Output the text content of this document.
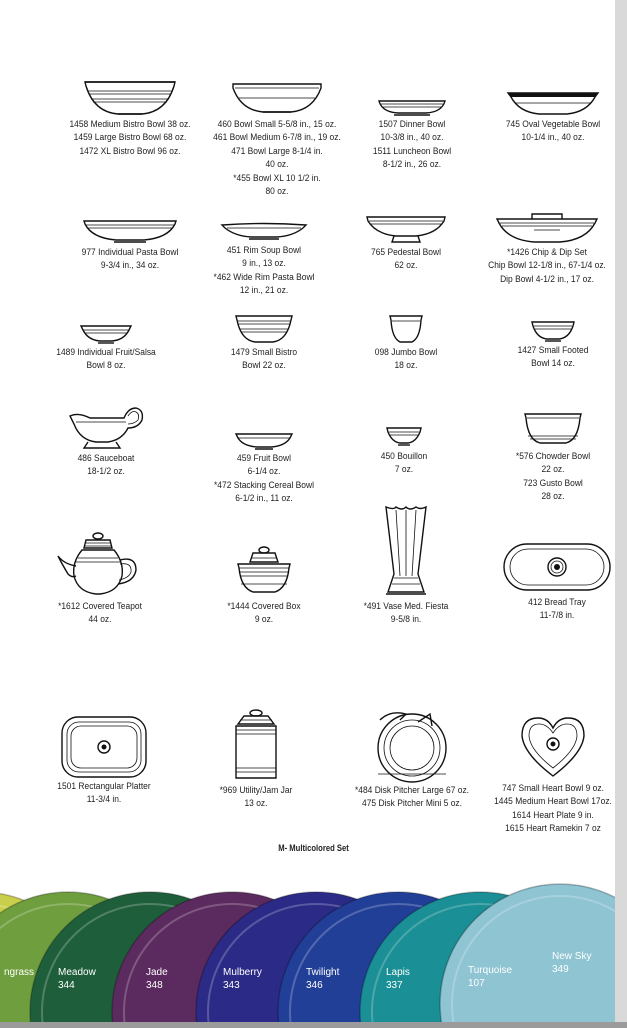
1458 Medium Bistro Bowl 38 oz.
1459 Large Bistro Bowl 68 oz.
1472 XL Bistro Bowl 96 oz.
460 Bowl Small 5-5/8 in., 15 oz.
461 Bowl Medium 6-7/8 in., 19 oz.
471 Bowl Large 8-1/4 in.
40 oz.
*455 Bowl XL 10 1/2 in.
80 oz.
1507 Dinner Bowl
10-3/8 in., 40 oz.
1511 Luncheon Bowl
8-1/2 in., 26 oz.
745 Oval Vegetable Bowl
10-1/4 in., 40 oz.
977 Individual Pasta Bowl
9-3/4 in., 34 oz.
451 Rim Soup Bowl
9 in., 13 oz.
*462 Wide Rim Pasta Bowl
12 in., 21 oz.
765 Pedestal Bowl
62 oz.
*1426 Chip & Dip Set
Chip Bowl 12-1/8 in., 67-1/4 oz.
Dip Bowl 4-1/2 in., 17 oz.
1489 Individual Fruit/Salsa
Bowl 8 oz.
1479 Small Bistro
Bowl 22 oz.
098 Jumbo Bowl
18 oz.
1427 Small Footed
Bowl 14 oz.
486 Sauceboat
18-1/2 oz.
459 Fruit Bowl
6-1/4 oz.
*472 Stacking Cereal Bowl
6-1/2 in., 11 oz.
450 Bouillon
7 oz.
*576 Chowder Bowl
22 oz.
723 Gusto Bowl
28 oz.
*1612 Covered Teapot
44 oz.
*1444 Covered Box
9 oz.
*491 Vase Med. Fiesta
9-5/8 in.
412 Bread Tray
11-7/8 in.
1501 Rectangular Platter
11-3/4 in.
*969 Utility/Jam Jar
13 oz.
*484 Disk Pitcher Large 67 oz.
475 Disk Pitcher Mini 5 oz.
747 Small Heart Bowl 9 oz.
1445 Medium Heart Bowl 17oz.
1614 Heart Plate 9 in.
1615 Heart Ramekin 7 oz
M- Multicolored Set
ngrass Meadow
344
Jade
348
Mulberry
343
Twilight
346
Lapis
337
Turquoise
107
New Sky
349
